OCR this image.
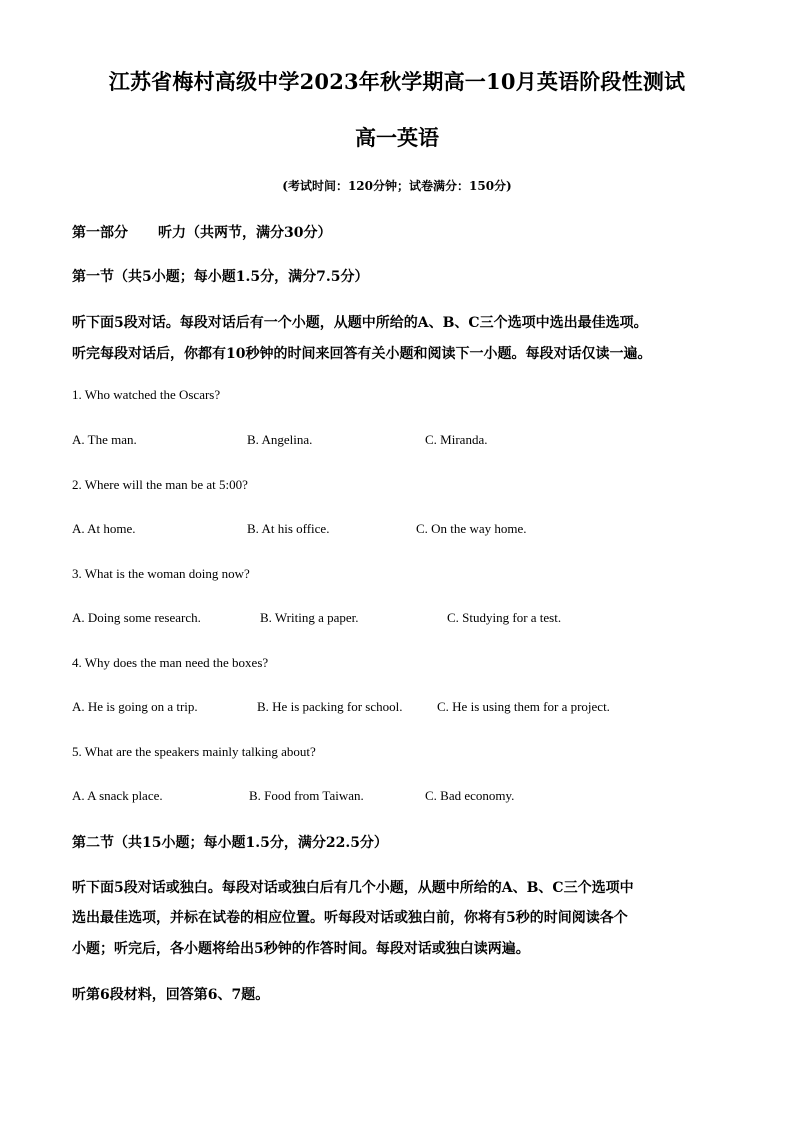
江苏省梅村高级中学2023年秋学期高一10月英语阶段性测试
高一英语
(考试时间：120分钟；试卷满分：150分)
第一部分 听力（共两节，满分30分）
第一节（共5小题；每小题1.5分，满分7.5分）
听下面5段对话。每段对话后有一个小题，从题中所给的A、B、C三个选项中选出最佳选项。
听完每段对话后，你都有10秒钟的时间来回答有关小题和阅读下一小题。每段对话仅读一遍。
1. Who watched the Oscars?
A. The man.	B. Angelina.	C. Miranda.
2. Where will the man be at 5:00?
A. At home.	B. At his office.	C. On the way home.
3. What is the woman doing now?
A. Doing some research.	B. Writing a paper.	C. Studying for a test.
4. Why does the man need the boxes?
A. He is going on a trip.	B. He is packing for school.	C. He is using them for a project.
5. What are the speakers mainly talking about?
A. A snack place.	B. Food from Taiwan.	C. Bad economy.
第二节（共15小题；每小题1.5分，满分22.5分）
听下面5段对话或独白。每段对话或独白后有几个小题，从题中所给的A、B、C三个选项中
选出最佳选项，并标在试卷的相应位置。听每段对话或独白前，你将有5秒的时间阅读各个
小题；听完后，各小题将给出5秒钟的作答时间。每段对话或独白读两遍。
听第6段材料，回答第6、7题。
